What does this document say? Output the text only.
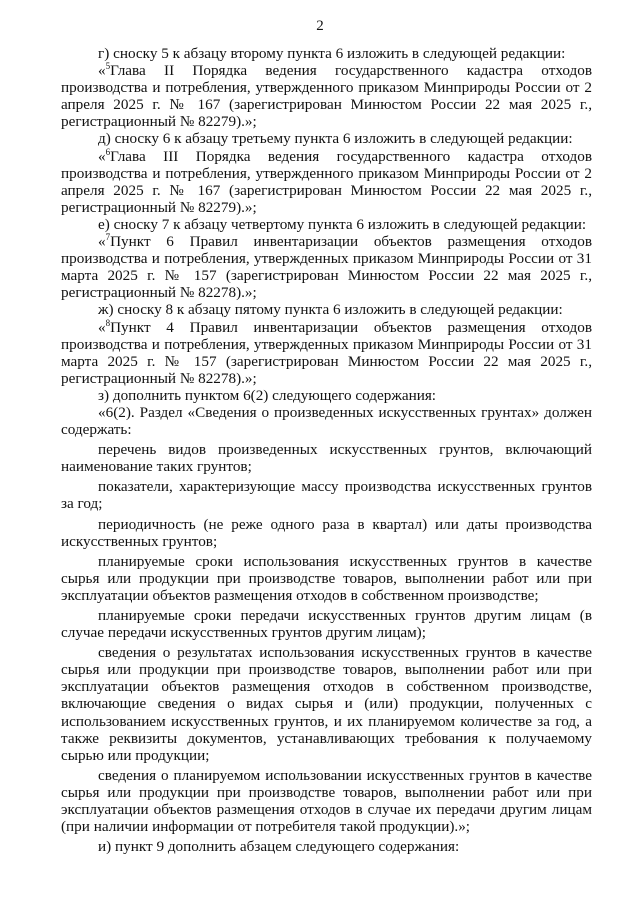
2

г) сноску 5 к абзацу второму пункта 6 изложить в следующей редакции:

«$^5$Глава II Порядка ведения государственного кадастра отходов производства и потребления, утвержденного приказом Минприроды России от 2 апреля 2025 г. № 167 (зарегистрирован Минюстом России 22 мая 2025 г., регистрационный № 82279).»;

д) сноску 6 к абзацу третьему пункта 6 изложить в следующей редакции:

«$^6$Глава III Порядка ведения государственного кадастра отходов производства и потребления, утвержденного приказом Минприроды России от 2 апреля 2025 г. № 167 (зарегистрирован Минюстом России 22 мая 2025 г., регистрационный № 82279).»;

е) сноску 7 к абзацу четвертому пункта 6 изложить в следующей редакции:

«$^7$Пункт 6 Правил инвентаризации объектов размещения отходов производства и потребления, утвержденных приказом Минприроды России от 31 марта 2025 г. № 157 (зарегистрирован Минюстом России 22 мая 2025 г., регистрационный № 82278).»;

ж) сноску 8 к абзацу пятому пункта 6 изложить в следующей редакции:

«$^8$Пункт 4 Правил инвентаризации объектов размещения отходов производства и потребления, утвержденных приказом Минприроды России от 31 марта 2025 г. № 157 (зарегистрирован Минюстом России 22 мая 2025 г., регистрационный № 82278).»;

з) дополнить пунктом 6(2) следующего содержания:

«6(2). Раздел «Сведения о произведенных искусственных грунтах» должен содержать:

перечень видов произведенных искусственных грунтов, включающий наименование таких грунтов;

показатели, характеризующие массу производства искусственных грунтов за год;

периодичность (не реже одного раза в квартал) или даты производства искусственных грунтов;

планируемые сроки использования искусственных грунтов в качестве сырья или продукции при производстве товаров, выполнении работ или при эксплуатации объектов размещения отходов в собственном производстве;

планируемые сроки передачи искусственных грунтов другим лицам (в случае передачи искусственных грунтов другим лицам);

сведения о результатах использования искусственных грунтов в качестве сырья или продукции при производстве товаров, выполнении работ или при эксплуатации объектов размещения отходов в собственном производстве, включающие сведения о видах сырья и (или) продукции, полученных с использованием искусственных грунтов, и их планируемом количестве за год, а также реквизиты документов, устанавливающих требования к получаемому сырью или продукции;

сведения о планируемом использовании искусственных грунтов в качестве сырья или продукции при производстве товаров, выполнении работ или при эксплуатации объектов размещения отходов в случае их передачи другим лицам (при наличии информации от потребителя такой продукции).»;

и) пункт 9 дополнить абзацем следующего содержания:
